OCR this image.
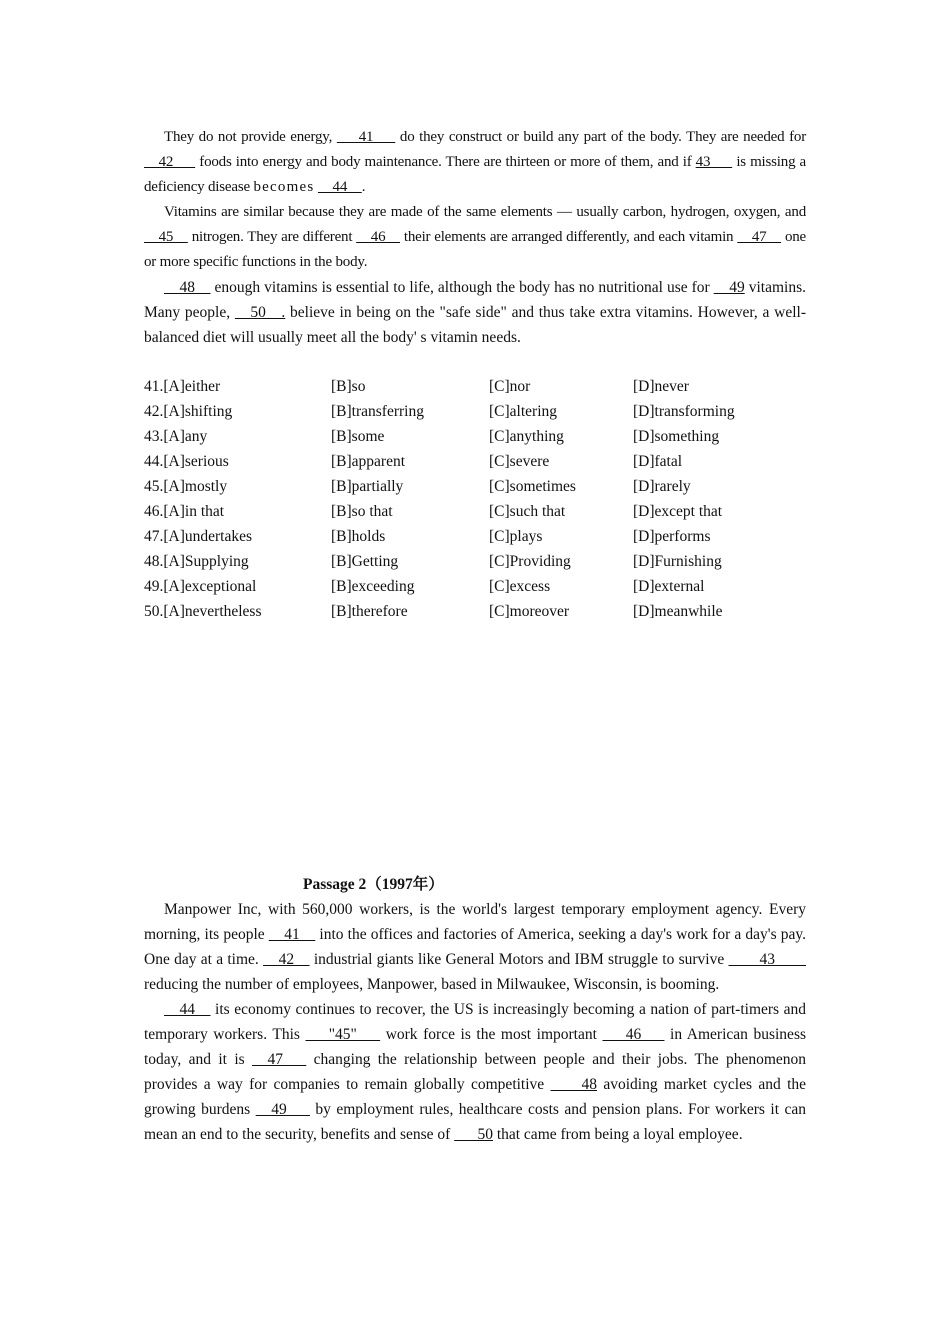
They do not provide energy,    41    do they construct or build any part of the body. They are needed for   42    foods into energy and body maintenance. There are thirteen or more of them, and if 43    is missing a deficiency disease becomes   44  .

Vitamins are similar because they are made of the same elements — usually carbon, hydrogen, oxygen, and   45   nitrogen. They are different   46   their elements are arranged differently, and each vitamin   47   one or more specific functions in the body.

  48   enough vitamins is essential to life, although the body has no nutritional use for   49 vitamins. Many people,   50  . believe in being on the "safe side" and thus take extra vitamins. However, a well-balanced diet will usually meet all the body' s vitamin needs.

41.[A]either	[B]so	[C]nor	[D]never
42.[A]shifting	[B]transferring	[C]altering	[D]transforming
43.[A]any	[B]some	[C]anything	[D]something
44.[A]serious	[B]apparent	[C]severe	[D]fatal
45.[A]mostly	[B]partially	[C]sometimes	[D]rarely
46.[A]in that	[B]so that	[C]such that	[D]except that
47.[A]undertakes	[B]holds	[C]plays	[D]performs
48.[A]Supplying	[B]Getting	[C]Providing	[D]Furnishing
49.[A]exceptional	[B]exceeding	[C]excess	[D]external
50.[A]nevertheless	[B]therefore	[C]moreover	[D]meanwhile
Passage 2（1997年）

Manpower Inc, with 560,000 workers, is the world's largest temporary employment agency. Every morning, its people   41   into the offices and factories of America, seeking a day's work for a day's pay. One day at a time.   42   industrial giants like General Motors and IBM struggle to survive     43     reducing the number of employees, Manpower, based in Milwaukee, Wisconsin, is booming.

  44   its economy continues to recover, the US is increasingly becoming a nation of part-timers and temporary workers. This    "45"    work force is the most important    46    in American business today, and it is   47    changing the relationship between people and their jobs. The phenomenon provides a way for companies to remain globally competitive     48 avoiding market cycles and the growing burdens   49    by employment rules, healthcare costs and pension plans. For workers it can mean an end to the security, benefits and sense of    50 that came from being a loyal employee.
